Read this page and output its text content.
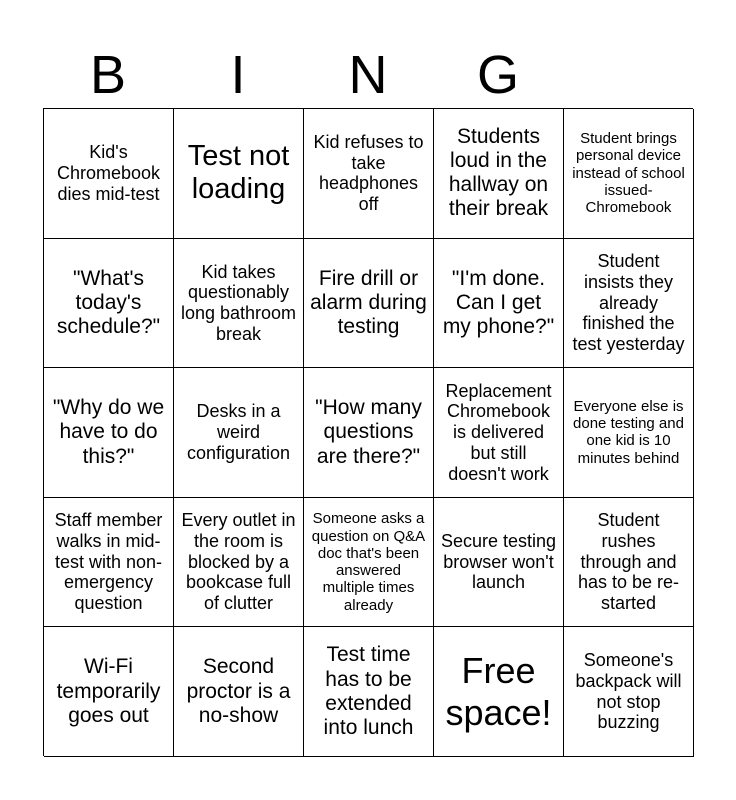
B	I	N	G
Kid's Chromebook dies mid-test
Test not loading
Kid refuses to take headphones off
Students loud in the hallway on their break
Student brings personal device instead of school issued- Chromebook
"What's today's schedule?"
Kid takes questionably long bathroom break
Fire drill or alarm during testing
"I'm done. Can I get my phone?"
Student insists they already finished the test yesterday
"Why do we have to do this?"
Desks in a weird configuration
"How many questions are there?"
Replacement Chromebook is delivered but still doesn't work
Everyone else is done testing and one kid is 10 minutes behind
Staff member walks in mid-test with non-emergency question
Every outlet in the room is blocked by a bookcase full of clutter
Someone asks a question on Q&A doc that's been answered multiple times already
Secure testing browser won't launch
Student rushes through and has to be re-started
Wi-Fi temporarily goes out
Second proctor is a no-show
Test time has to be extended into lunch
Free space!
Someone's backpack will not stop buzzing
